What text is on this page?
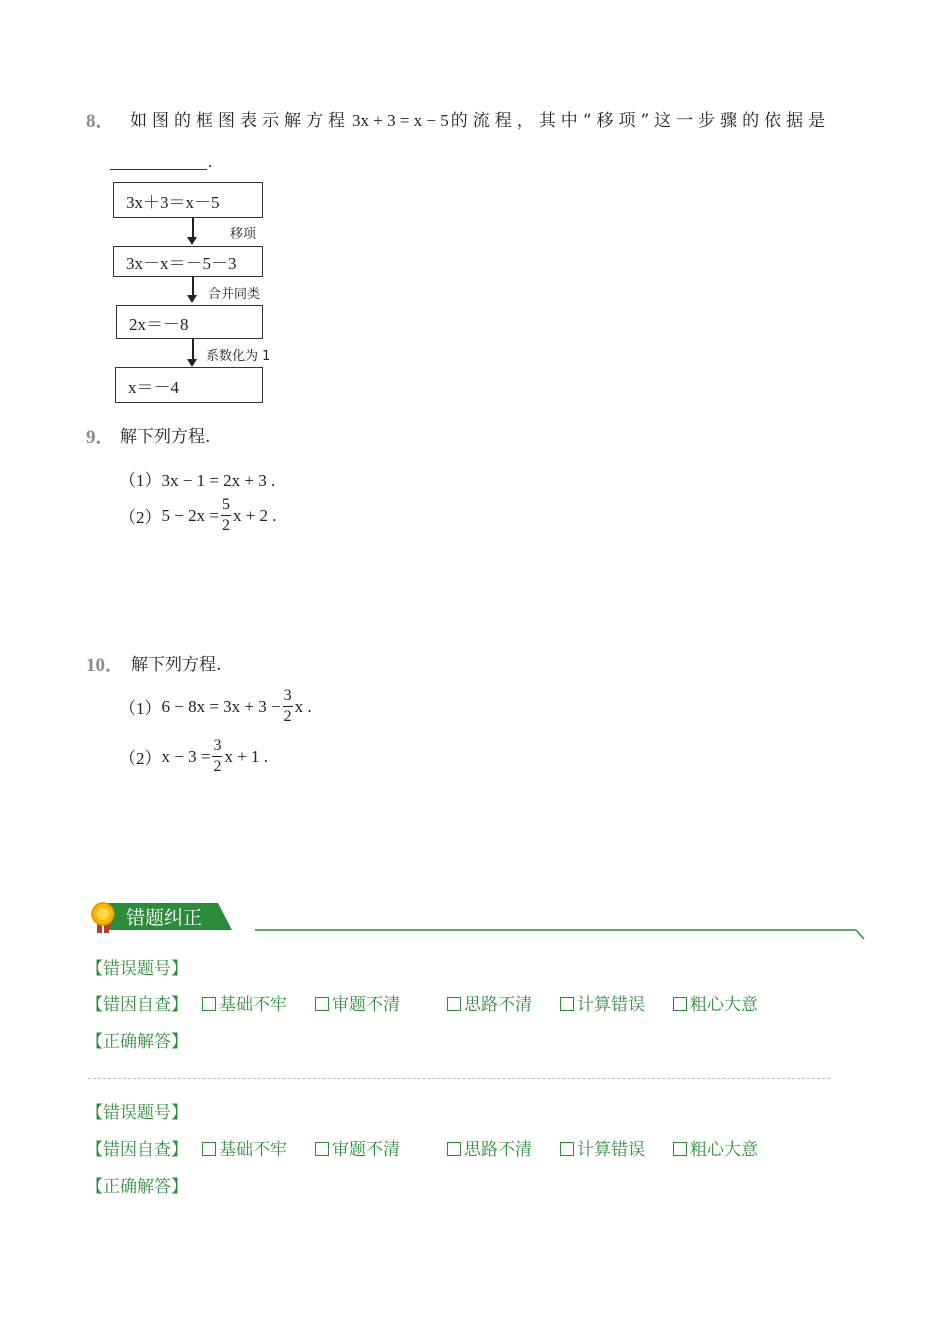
8． 如图的框图表示解方程 3x + 3 = x − 5 的流程，其中“移项”这一步骤的依据是
.
3x＋3＝x－5
移项
3x－x＝－5－3
合并同类
2x＝－8
系数化为 1
x＝－4
9． 解下列方程.
（1）3x − 1 = 2x + 3 .
（2） $5 - 2x = \frac{5}{2}$ x + 2 .
10． 解下列方程.
（1） $6 - 8x = 3x + 3 - \frac{3}{2}$ x .
（2） $x - 3 = \frac{3}{2}$ x + 1 .
错题纠正
【错误题号】
【错因自查】	基础不牢	审题不清	思路不清	计算错误	粗心大意
【正确解答】
【错误题号】
【错因自查】	基础不牢	审题不清	思路不清	计算错误	粗心大意
【正确解答】
